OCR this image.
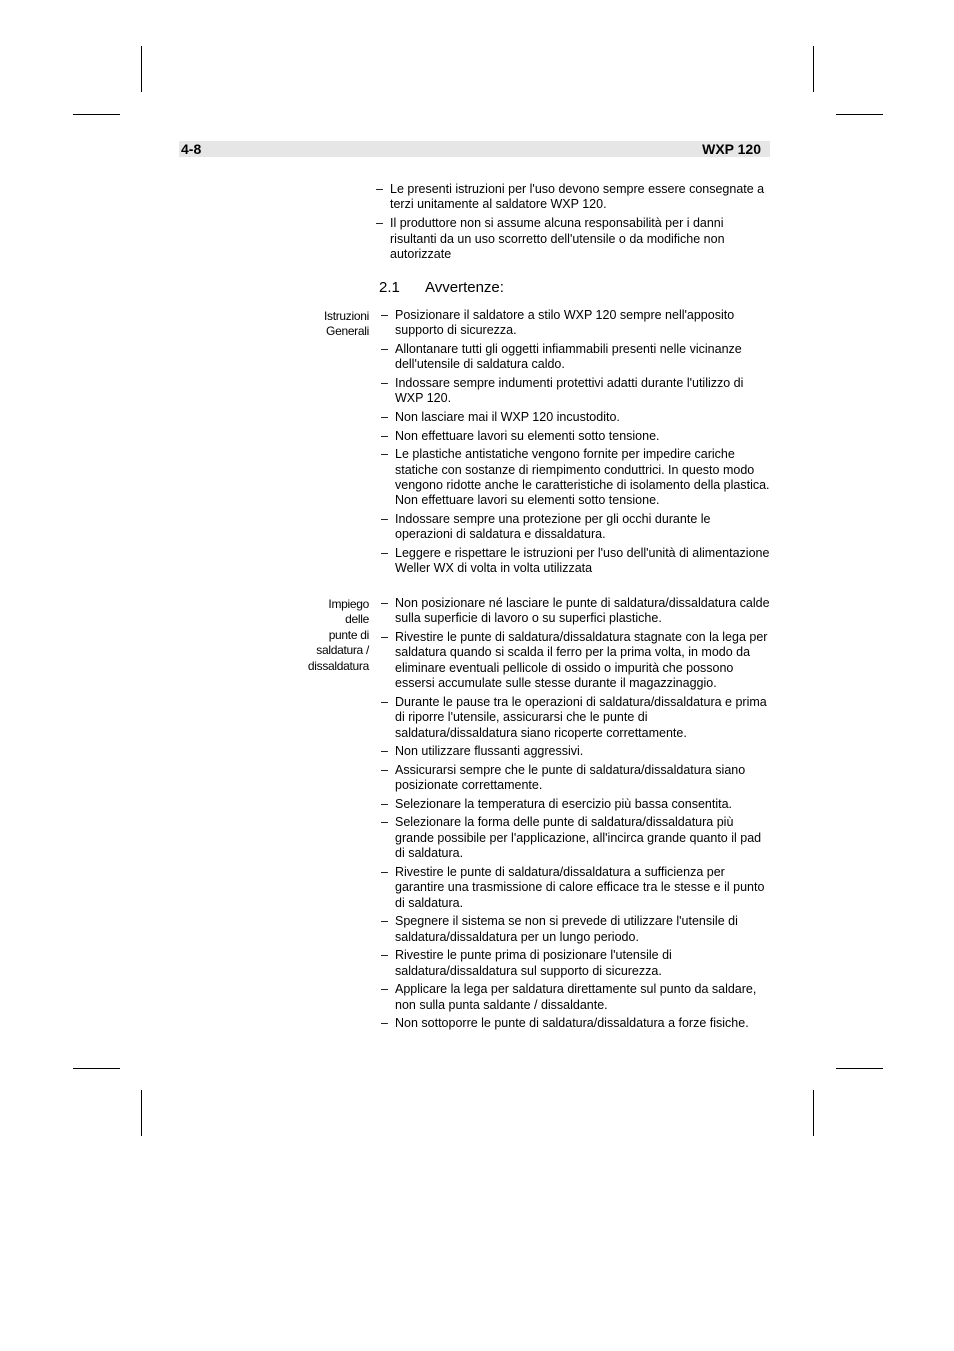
4-8	WXP 120
– Le presenti istruzioni per l'uso devono sempre essere consegnate a terzi unitamente al saldatore WXP 120.
– Il produttore non si assume alcuna responsabilità per i danni risultanti da un uso scorretto dell'utensile o da modifiche non autorizzate
2.1 Avvertenze:
Istruzioni
Generali
– Posizionare il saldatore a stilo WXP 120 sempre nell'apposito supporto di sicurezza.
– Allontanare tutti gli oggetti infiammabili presenti nelle vicinanze dell'utensile di saldatura caldo.
– Indossare sempre indumenti protettivi adatti durante l'utilizzo di WXP 120.
– Non lasciare mai il WXP 120 incustodito.
– Non effettuare lavori su elementi sotto tensione.
– Le plastiche antistatiche vengono fornite per impedire cariche statiche con sostanze di riempimento conduttrici. In questo modo vengono ridotte anche le caratteristiche di isolamento della plastica.
Non effettuare lavori su elementi sotto tensione.
– Indossare sempre una protezione per gli occhi durante le operazioni di saldatura e dissaldatura.
– Leggere e rispettare le istruzioni per l'uso dell'unità di alimentazione Weller WX di volta in volta utilizzata
Impiego
delle
punte di
saldatura /
dissaldatura
– Non posizionare né lasciare le punte di saldatura/dissaldatura calde sulla superficie di lavoro o su superfici plastiche.
– Rivestire le punte di saldatura/dissaldatura stagnate con la lega per saldatura quando si scalda il ferro per la prima volta, in modo da eliminare eventuali pellicole di ossido o impurità che possono essersi accumulate sulle stesse durante il magazzinaggio.
– Durante le pause tra le operazioni di saldatura/dissaldatura e prima di riporre l'utensile, assicurarsi che le punte di saldatura/dissaldatura siano ricoperte correttamente.
– Non utilizzare flussanti aggressivi.
– Assicurarsi sempre che le punte di saldatura/dissaldatura siano posizionate correttamente.
– Selezionare la temperatura di esercizio più bassa consentita.
– Selezionare la forma delle punte di saldatura/dissaldatura più grande possibile per l'applicazione, all'incirca grande quanto il pad di saldatura.
– Rivestire le punte di saldatura/dissaldatura a sufficienza per garantire una trasmissione di calore efficace tra le stesse e il punto di saldatura.
– Spegnere il sistema se non si prevede di utilizzare l'utensile di saldatura/dissaldatura per un lungo periodo.
– Rivestire le punte prima di posizionare l'utensile di saldatura/dissaldatura sul supporto di sicurezza.
– Applicare la lega per saldatura direttamente sul punto da saldare, non sulla punta saldante / dissaldante.
– Non sottoporre le punte di saldatura/dissaldatura a forze fisiche.
